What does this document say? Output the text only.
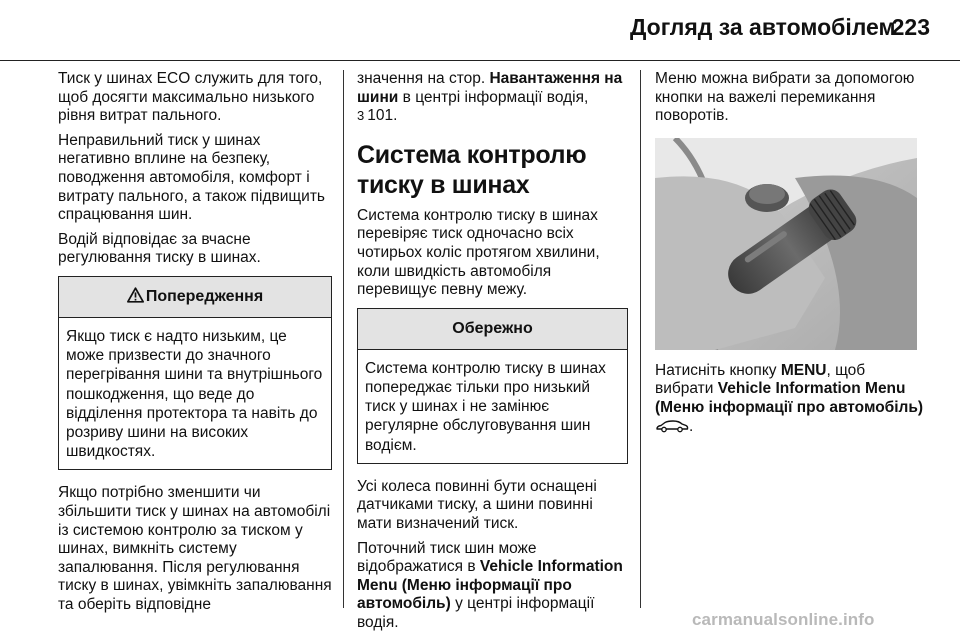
Догляд за автомобілем
223

Тиск у шинах ECO служить для того, щоб досягти максимально низького рівня витрат пального.

Неправильний тиск у шинах негативно вплине на безпеку, поводження автомобіля, комфорт і витрату пального, а також підвищить спрацювання шин.

Водій відповідає за вчасне регулювання тиску в шинах.

Попередження
Якщо тиск є надто низьким, це може призвести до значного перегрівання шини та внутрішнього пошкодження, що веде до відділення протектора та навіть до розриву шини на високих швидкостях.

Якщо потрібно зменшити чи збільшити тиск у шинах на автомобілі із системою контролю за тиском у шинах, вимкніть систему запалювання. Після регулювання тиску в шинах, увімкніть запалювання та оберіть відповідне

значення на стор. Навантаження на шини в центрі інформації водія, 3 101.

Система контролю тиску в шинах

Система контролю тиску в шинах перевіряє тиск одночасно всіх чотирьох коліс протягом хвилини, коли швидкість автомобіля перевищує певну межу.

Обережно
Система контролю тиску в шинах попереджає тільки про низький тиск у шинах і не замінює регулярне обслуговування шин водієм.

Усі колеса повинні бути оснащені датчиками тиску, а шини повинні мати визначений тиск.

Поточний тиск шин може відображатися в Vehicle Information Menu (Меню інформації про автомобіль) у центрі інформації водія.

Меню можна вибрати за допомогою кнопки на важелі перемикання поворотів.

Натисніть кнопку MENU, щоб вибрати Vehicle Information Menu (Меню інформації про автомобіль) .

carmanualsonline.info
